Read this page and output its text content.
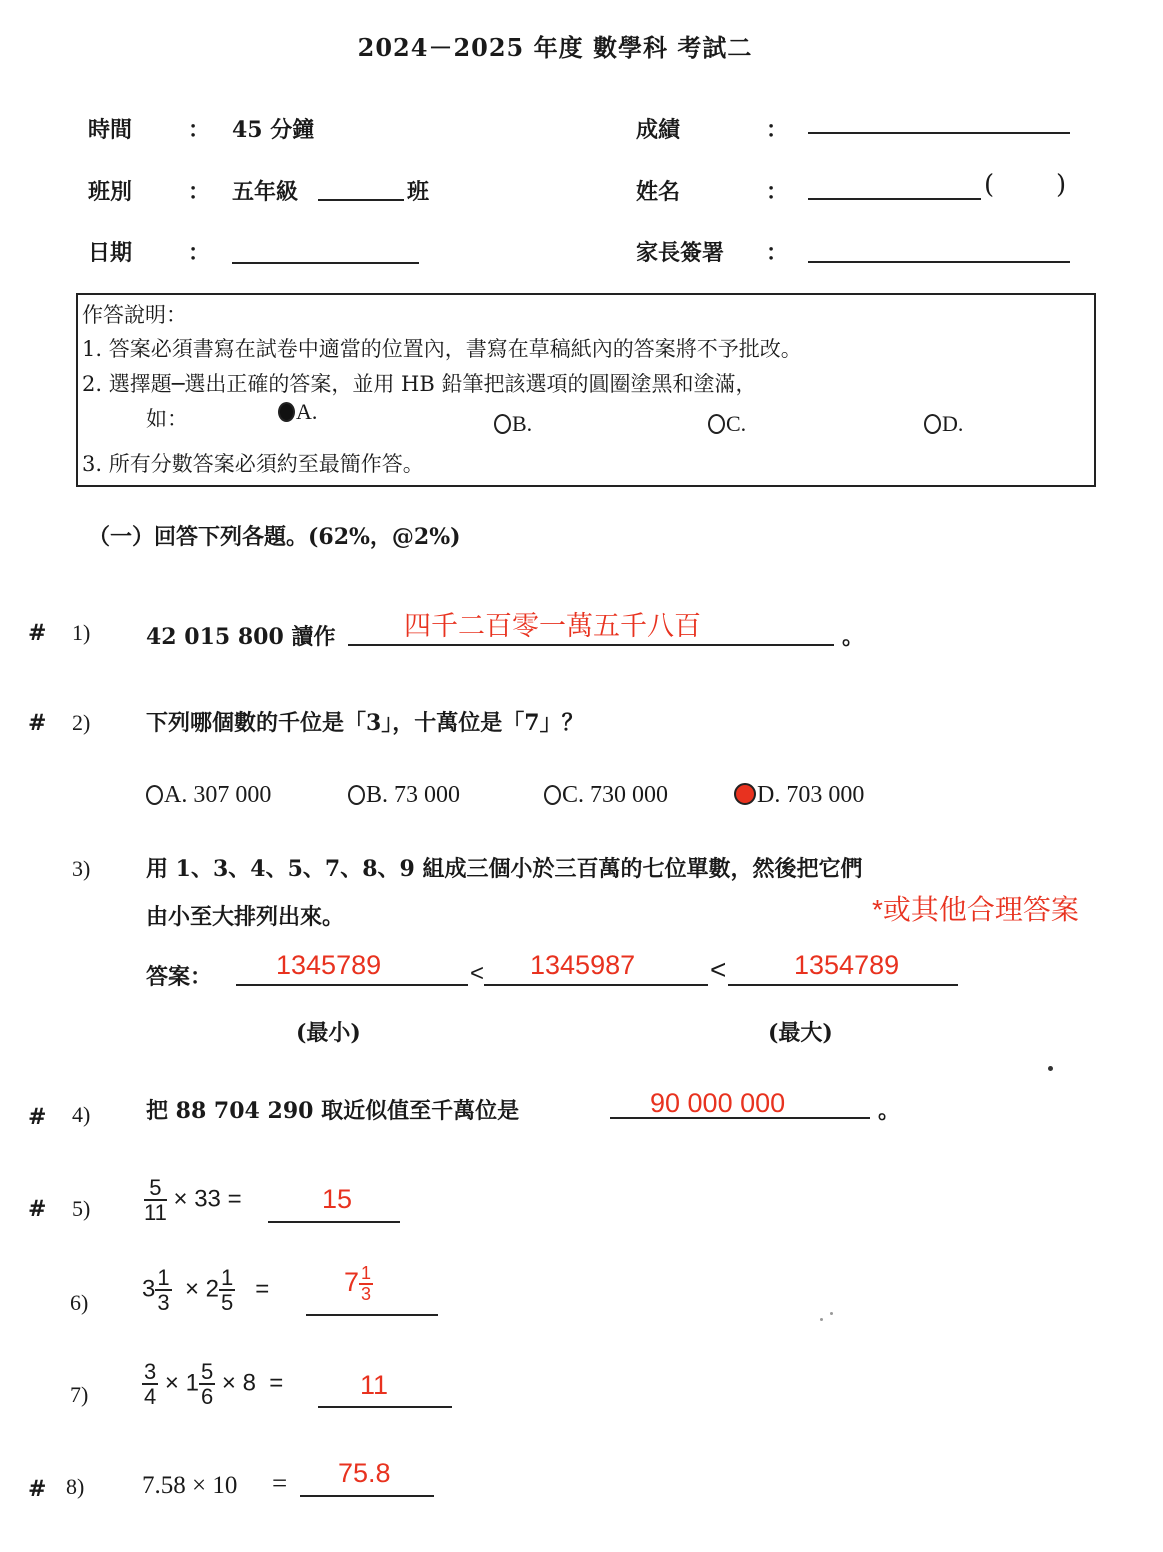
2024－2025 年度 數學科 考試二
時間	： 45 分鐘
班別	： 五年級	班
日期	：
成績	：
姓名	：	( )
家長簽署 ：
作答說明：
1. 答案必須書寫在試卷中適當的位置內，書寫在草稿紙內的答案將不予批改。
2. 選擇題─選出正確的答案，並用 HB 鉛筆把該選項的圓圈塗黑和塗滿，
如：	A.	B.	C.	D.
3. 所有分數答案必須約至最簡作答。
（一）回答下列各題。(62%，@2%)
# 1)	42 015 800 讀作	四千二百零一萬五千八百	。
# 2)	下列哪個數的千位是「3」，十萬位是「7」？
A. 307 000	B. 73 000	C. 730 000	D. 703 000
3)	用 1、3、4、5、7、8、9 組成三個小於三百萬的七位單數，然後把它們
由小至大排列出來。	*或其他合理答案
答案： 1345789	< 1345987	<	1354789
(最小)	(最大)
# 4)	把 88 704 290 取近似值至千萬位是	90 000 000	。
# $5) \frac{5}{11} \times 33$ =	15
6)
$3 \frac{1}{3} \times 2 \frac{1}{5}$ =	$7 \frac{1}{3}$
$7) \frac{3}{4} \times 1 \frac{5}{6} \times 8$ =	11
# 8) 7.58 × 10 = 75.8
